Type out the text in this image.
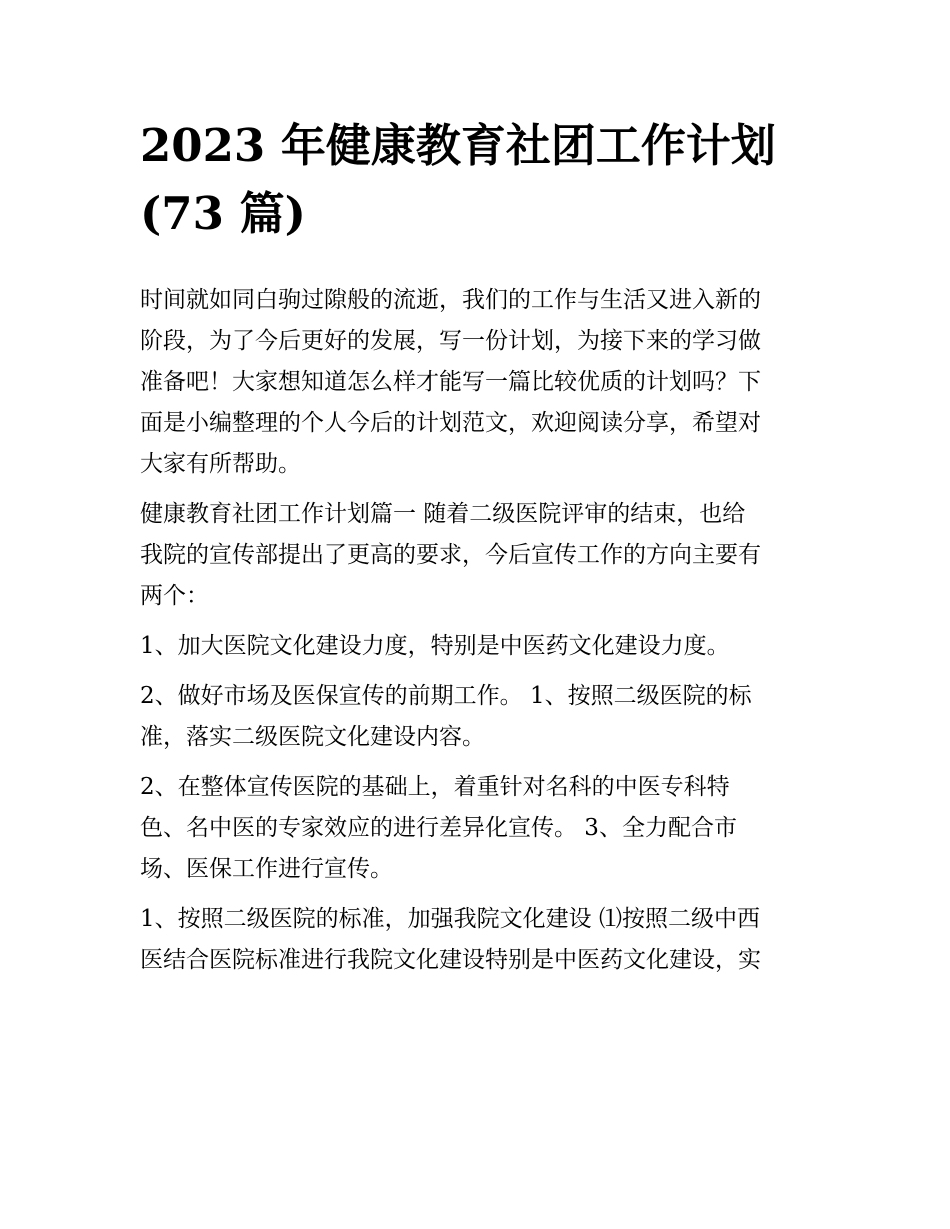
2023 年健康教育社团工作计划
(73 篇)
时间就如同白驹过隙般的流逝，我们的工作与生活又进入新的
阶段，为了今后更好的发展，写一份计划，为接下来的学习做
准备吧！大家想知道怎么样才能写一篇比较优质的计划吗？下
面是小编整理的个人今后的计划范文，欢迎阅读分享，希望对
大家有所帮助。
健康教育社团工作计划篇一 随着二级医院评审的结束，也给
我院的宣传部提出了更高的要求，今后宣传工作的方向主要有
两个：
1、加大医院文化建设力度，特别是中医药文化建设力度。
2、做好市场及医保宣传的前期工作。 1、按照二级医院的标
准，落实二级医院文化建设内容。
2、在整体宣传医院的基础上，着重针对名科的中医专科特
色、名中医的专家效应的进行差异化宣传。 3、全力配合市
场、医保工作进行宣传。
1、按照二级医院的标准，加强我院文化建设 ⑴按照二级中西
医结合医院标准进行我院文化建设特别是中医药文化建设，实
